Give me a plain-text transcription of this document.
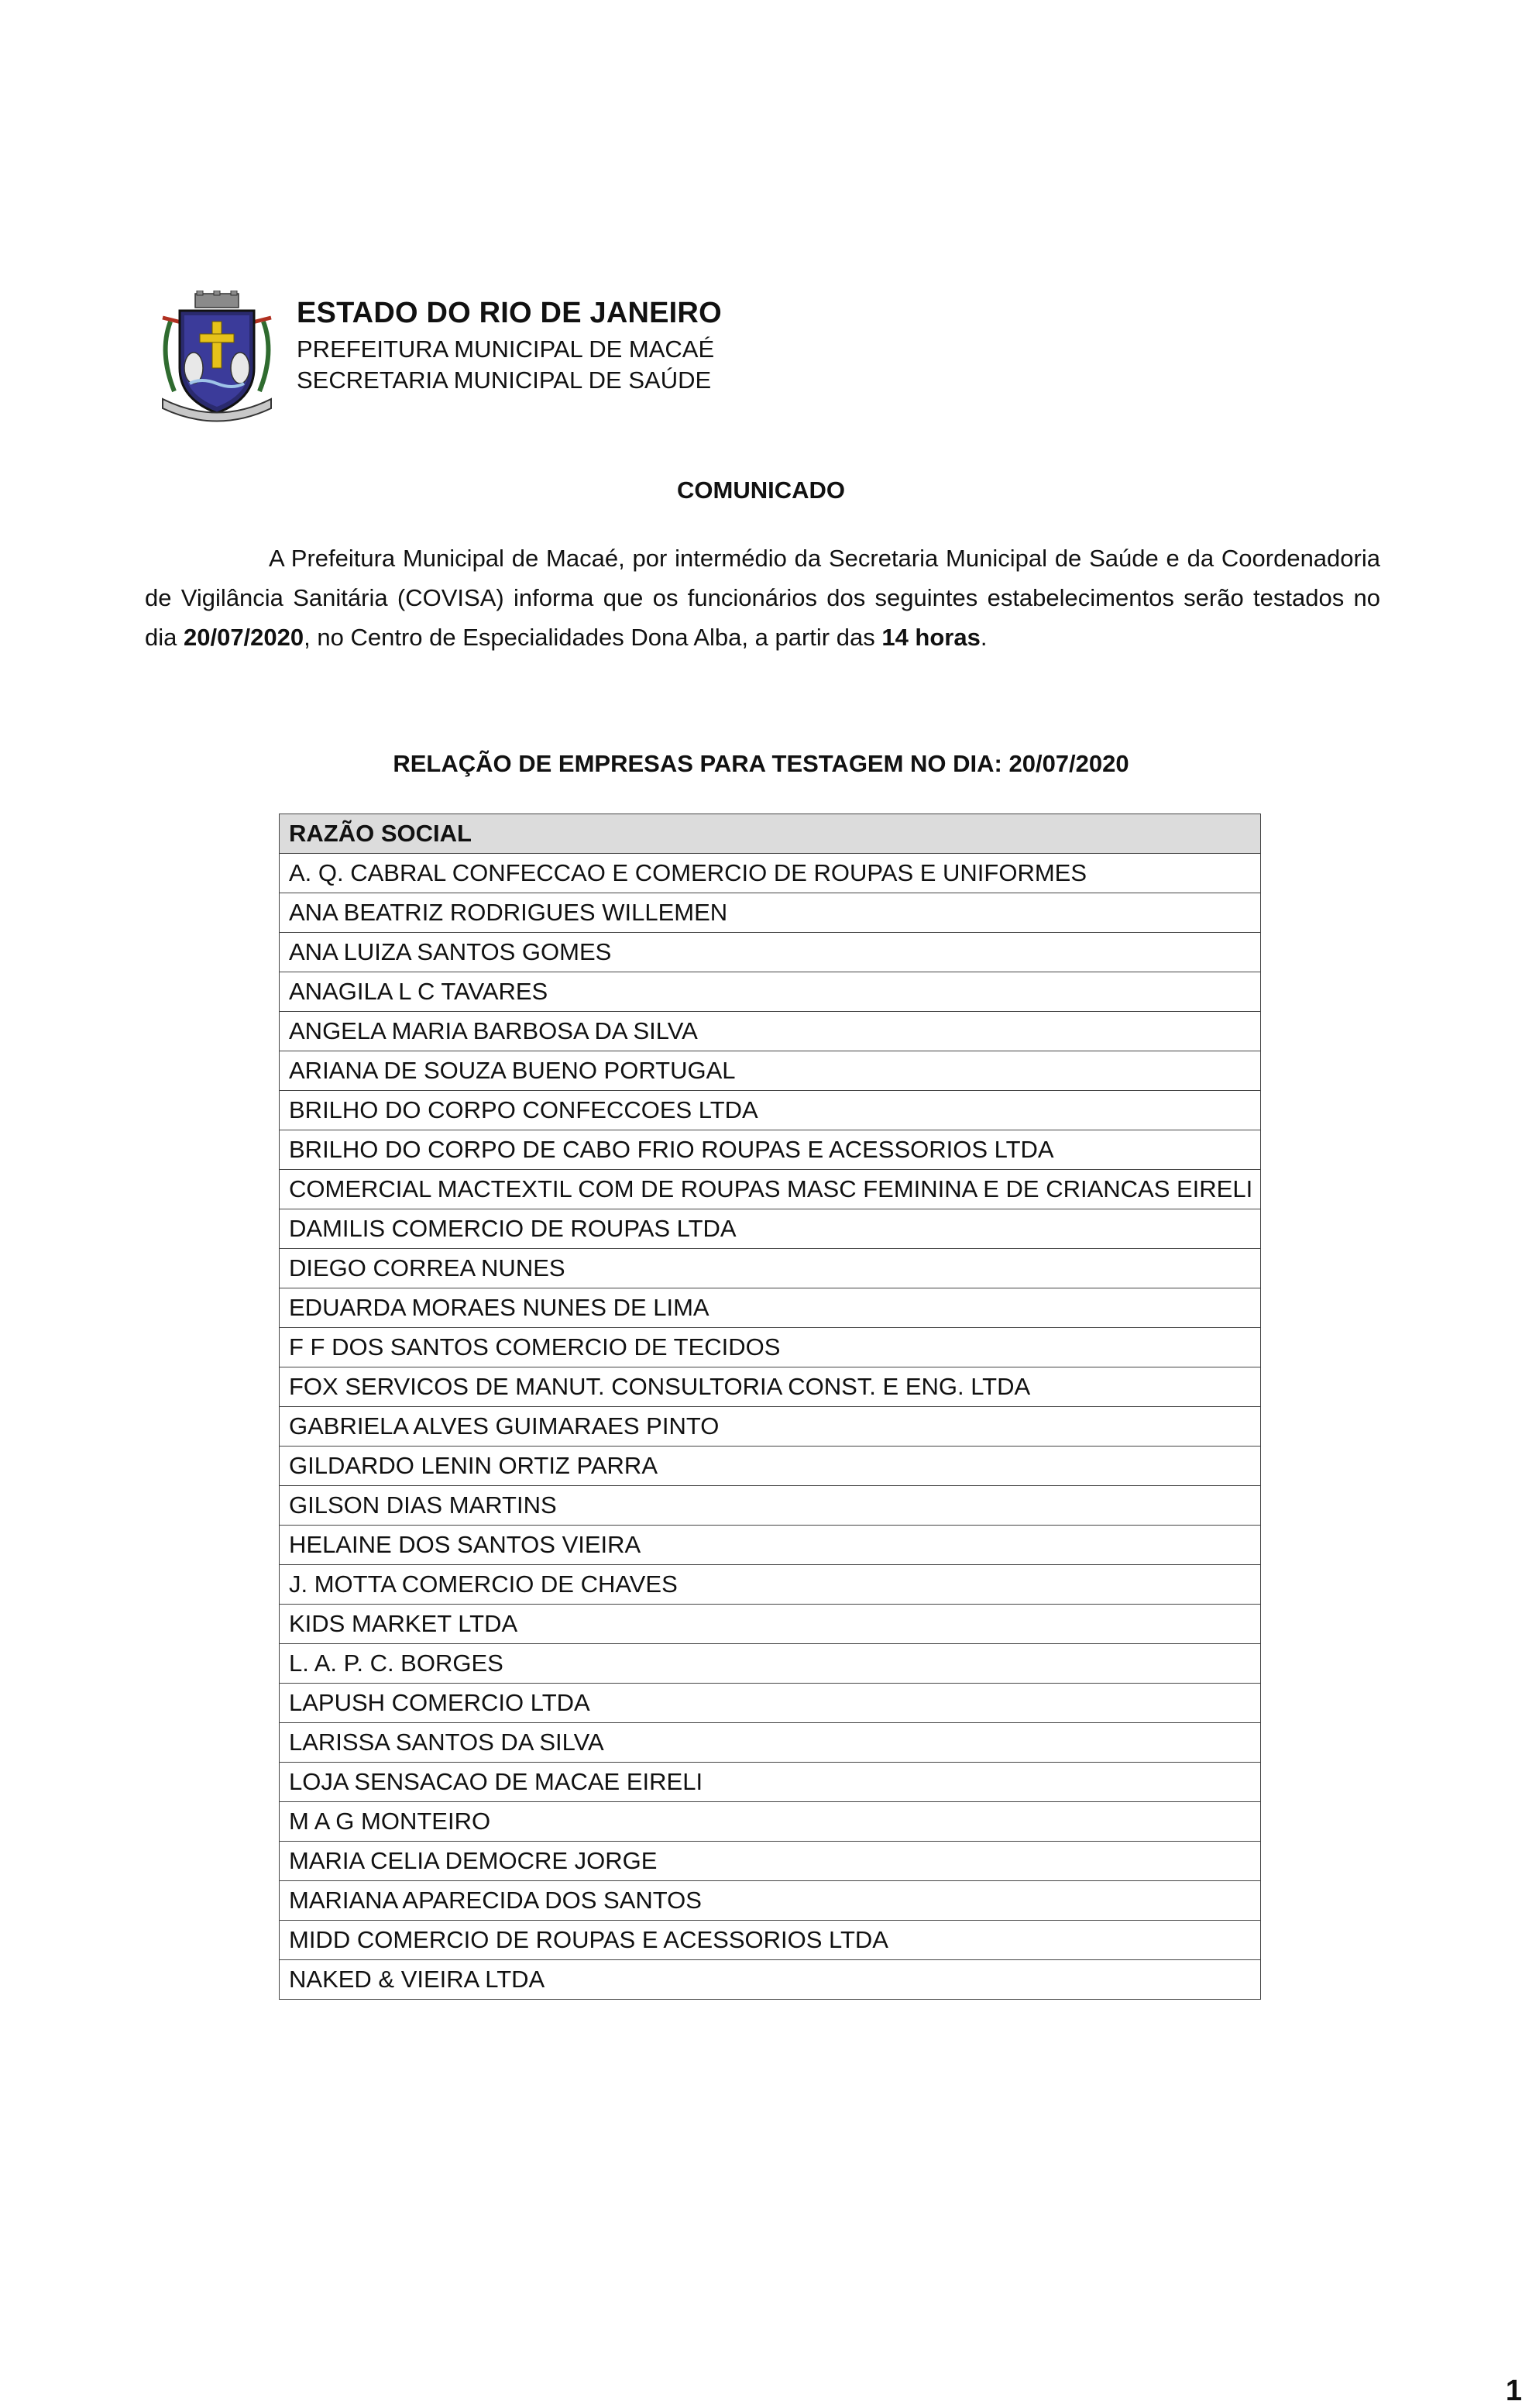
ESTADO DO RIO DE JANEIRO
PREFEITURA MUNICIPAL DE MACAÉ
SECRETARIA MUNICIPAL DE SAÚDE
COMUNICADO
A Prefeitura Municipal de Macaé, por intermédio da Secretaria Municipal de Saúde e da Coordenadoria de Vigilância Sanitária (COVISA) informa que os funcionários dos seguintes estabelecimentos serão testados no dia 20/07/2020, no Centro de Especialidades Dona Alba, a partir das 14 horas.
RELAÇÃO DE EMPRESAS PARA TESTAGEM NO DIA: 20/07/2020
RAZÃO SOCIAL
A. Q. CABRAL CONFECCAO E COMERCIO DE ROUPAS E UNIFORMES
ANA BEATRIZ RODRIGUES WILLEMEN
ANA LUIZA SANTOS GOMES
ANAGILA L C TAVARES
ANGELA MARIA BARBOSA DA SILVA
ARIANA DE SOUZA BUENO PORTUGAL
BRILHO DO CORPO CONFECCOES LTDA
BRILHO DO CORPO DE CABO FRIO ROUPAS E ACESSORIOS LTDA
COMERCIAL MACTEXTIL COM DE ROUPAS MASC FEMININA E DE CRIANCAS EIRELI
DAMILIS COMERCIO DE ROUPAS LTDA
DIEGO CORREA NUNES
EDUARDA MORAES NUNES DE LIMA
F F DOS SANTOS COMERCIO DE TECIDOS
FOX SERVICOS DE MANUT. CONSULTORIA CONST. E ENG. LTDA
GABRIELA ALVES GUIMARAES PINTO
GILDARDO LENIN ORTIZ PARRA
GILSON DIAS MARTINS
HELAINE DOS SANTOS VIEIRA
J. MOTTA COMERCIO DE CHAVES
KIDS MARKET LTDA
L. A. P. C. BORGES
LAPUSH COMERCIO LTDA
LARISSA SANTOS DA SILVA
LOJA SENSACAO DE MACAE EIRELI
M A G MONTEIRO
MARIA CELIA DEMOCRE JORGE
MARIANA APARECIDA DOS SANTOS
MIDD COMERCIO DE ROUPAS E ACESSORIOS LTDA
NAKED & VIEIRA LTDA
1
